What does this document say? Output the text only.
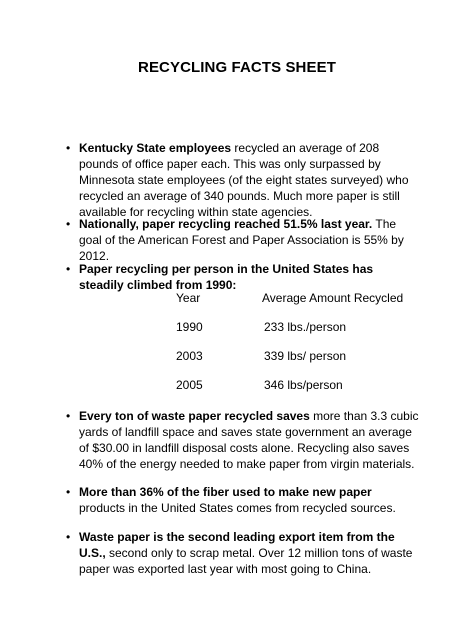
RECYCLING FACTS SHEET
• Kentucky State employees recycled an average of 208 pounds of office paper each. This was only surpassed by Minnesota state employees (of the eight states surveyed) who recycled an average of 340 pounds. Much more paper is still available for recycling within state agencies.
• Nationally, paper recycling reached 51.5% last year. The goal of the American Forest and Paper Association is 55% by 2012.
• Paper recycling per person in the United States has steadily climbed from 1990:
Year	Average Amount Recycled
1990	233 lbs./person
2003	339 lbs/ person
2005	346 lbs/person
• Every ton of waste paper recycled saves more than 3.3 cubic yards of landfill space and saves state government an average of $30.00 in landfill disposal costs alone. Recycling also saves 40% of the energy needed to make paper from virgin materials.
• More than 36% of the fiber used to make new paper products in the United States comes from recycled sources.
• Waste paper is the second leading export item from the U.S., second only to scrap metal. Over 12 million tons of waste paper was exported last year with most going to China.
